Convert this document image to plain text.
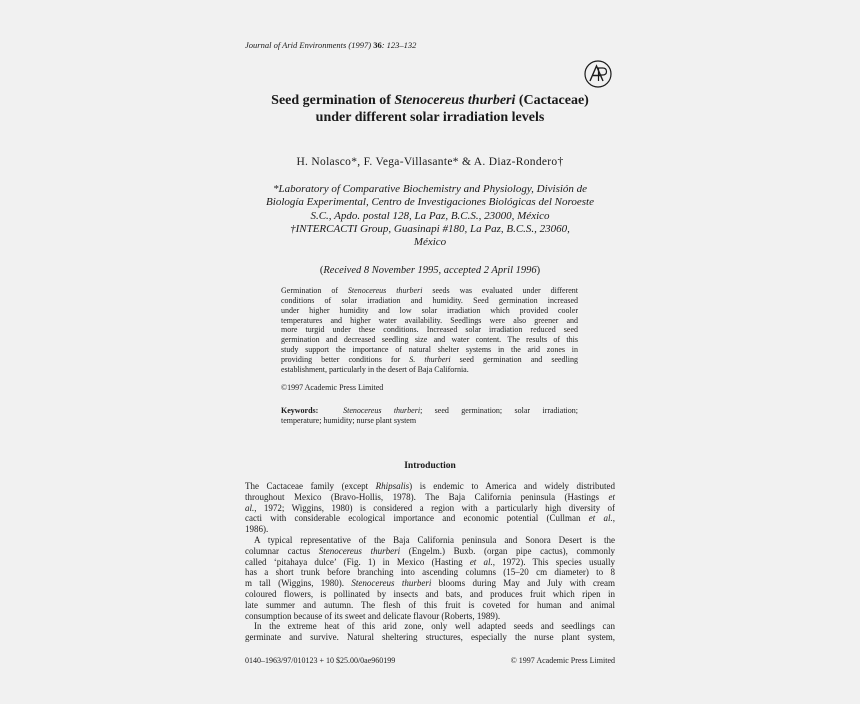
Journal of Arid Environments (1997) 36: 123–132
AP
Seed germination of Stenocereus thurberi (Cactaceae)
under different solar irradiation levels
H. Nolasco*, F. Vega-Villasante* & A. Diaz-Rondero†
*Laboratory of Comparative Biochemistry and Physiology, División de
Biología Experimental, Centro de Investigaciones Biológicas del Noroeste
S.C., Apdo. postal 128, La Paz, B.C.S., 23000, México
†INTERCACTI Group, Guasinapi #180, La Paz, B.C.S., 23060,
México
(Received 8 November 1995, accepted 2 April 1996)
Germination of Stenocereus thurberi seeds was evaluated under different
conditions of solar irradiation and humidity. Seed germination increased
under higher humidity and low solar irradiation which provided cooler
temperatures and higher water availability. Seedlings were also greener and
more turgid under these conditions. Increased solar irradiation reduced seed
germination and decreased seedling size and water content. The results of this
study support the importance of natural shelter systems in the arid zones in
providing better conditions for S. thurberi seed germination and seedling
establishment, particularly in the desert of Baja California.
©1997 Academic Press Limited
Keywords:	Stenocereus thurberi; seed germination; solar irradiation;
temperature; humidity; nurse plant system
Introduction
The Cactaceae family (except Rhipsalis) is endemic to America and widely distributed
throughout Mexico (Bravo-Hollis, 1978). The Baja California peninsula (Hastings et
al., 1972; Wiggins, 1980) is considered a region with a particularly high diversity of
cacti with considerable ecological importance and economic potential (Cullman et al.,
1986).
A typical representative of the Baja California peninsula and Sonora Desert is the
columnar cactus Stenocereus thurberi (Engelm.) Buxb. (organ pipe cactus), commonly
called ‘pitahaya dulce’ (Fig. 1) in Mexico (Hasting et al., 1972). This species usually
has a short trunk before branching into ascending columns (15–20 cm diameter) to 8
m tall (Wiggins, 1980). Stenocereus thurberi blooms during May and July with cream
coloured flowers, is pollinated by insects and bats, and produces fruit which ripen in
late summer and autumn. The flesh of this fruit is coveted for human and animal
consumption because of its sweet and delicate flavour (Roberts, 1989).
In the extreme heat of this arid zone, only well adapted seeds and seedlings can
germinate and survive. Natural sheltering structures, especially the nurse plant system,
0140–1963/97/010123 + 10 $25.00/0ae960199	© 1997 Academic Press Limited
